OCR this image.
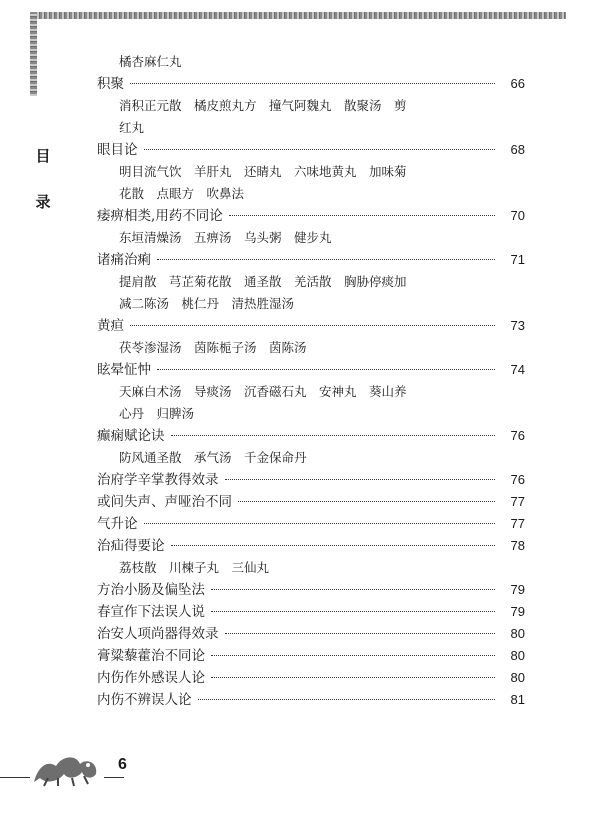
目
录
橘杏麻仁丸
积聚	66
消积正元散　橘皮煎丸方　撞气阿魏丸　散聚汤　剪
红丸
眼目论	68
明目流气饮　羊肝丸　还睛丸　六味地黄丸　加味菊
花散　点眼方　吹鼻法
痿痹相类,用药不同论	70
东垣清燥汤　五痹汤　乌头粥　健步丸
诸痛治痢	71
提肩散　芎芷菊花散　通圣散　羌活散　胸胁停痰加
减二陈汤　桃仁丹　清热胜湿汤
黄疸	73
茯苓渗湿汤　茵陈栀子汤　茵陈汤
眩晕怔忡	74
天麻白术汤　导痰汤　沉香磁石丸　安神丸　葵山养
心丹　归脾汤
癫痫赋论诀	76
防风通圣散　承气汤　千金保命丹
治府学辛掌教得效录	76
或问失声、声哑治不同	77
气升论	77
治疝得要论	78
荔枝散　川楝子丸　三仙丸
方治小肠及偏坠法	79
春宣作下法误人说	79
治安人项尚器得效录	80
膏粱藜藿治不同论	80
内伤作外感误人论	80
内伤不辨误人论	81
6
